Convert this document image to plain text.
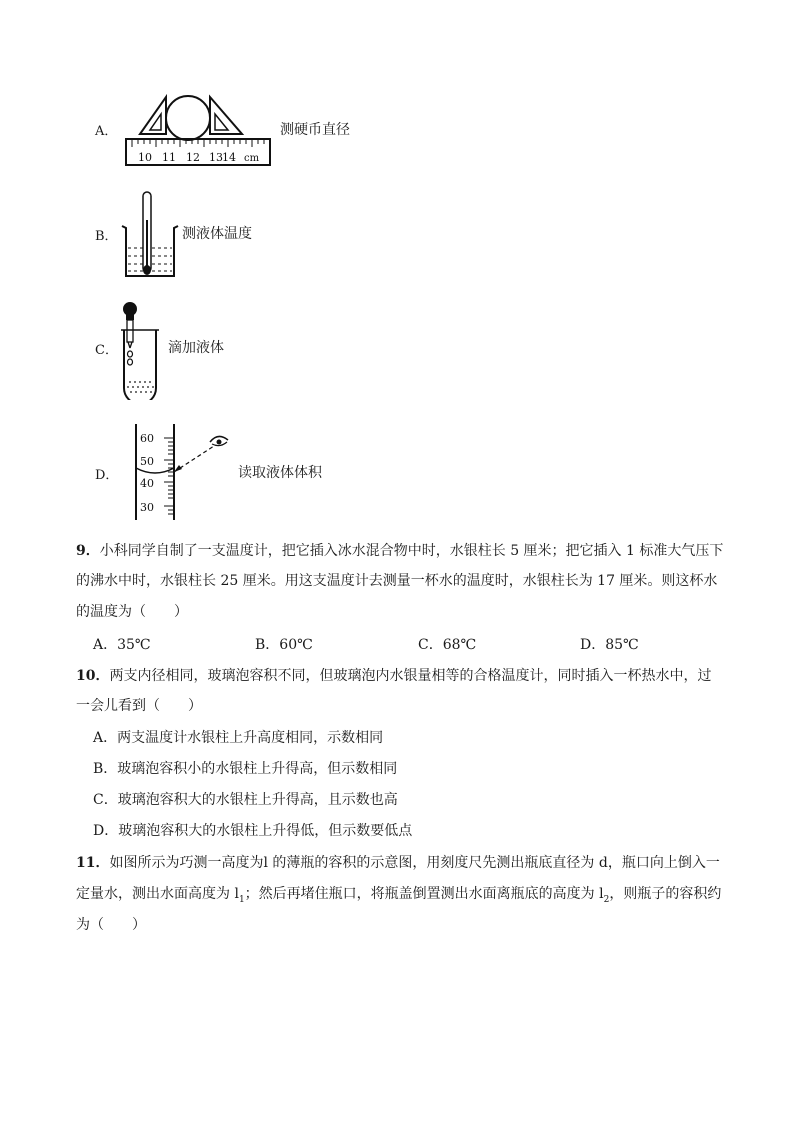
A．
10 11 12 13 14 cm
测硬币直径
B．	测液体温度
C．	滴加液体
D．
60
50
40
30
读取液体体积
9．小科同学自制了一支温度计，把它插入冰水混合物中时，水银柱长 5 厘米；把它插入 1 标准大气压下
的沸水中时，水银柱长 25 厘米。用这支温度计去测量一杯水的温度时，水银柱长为 17 厘米。则这杯水
的温度为（　　）
A．35℃	B．60℃	C．68℃	D．85℃
10．两支内径相同，玻璃泡容积不同，但玻璃泡内水银量相等的合格温度计，同时插入一杯热水中，过
一会儿看到（　　）
A．两支温度计水银柱上升高度相同，示数相同
B．玻璃泡容积小的水银柱上升得高，但示数相同
C．玻璃泡容积大的水银柱上升得高，且示数也高
D．玻璃泡容积大的水银柱上升得低，但示数要低点
11．如图所示为巧测一高度为l 的薄瓶的容积的示意图，用刻度尺先测出瓶底直径为 d，瓶口向上倒入一
定量水，测出水面高度为 $l_1$；然后再堵住瓶口，将瓶盖倒置测出水面离瓶底的高度为 $l_2$，则瓶子的容积约
为（　　）
